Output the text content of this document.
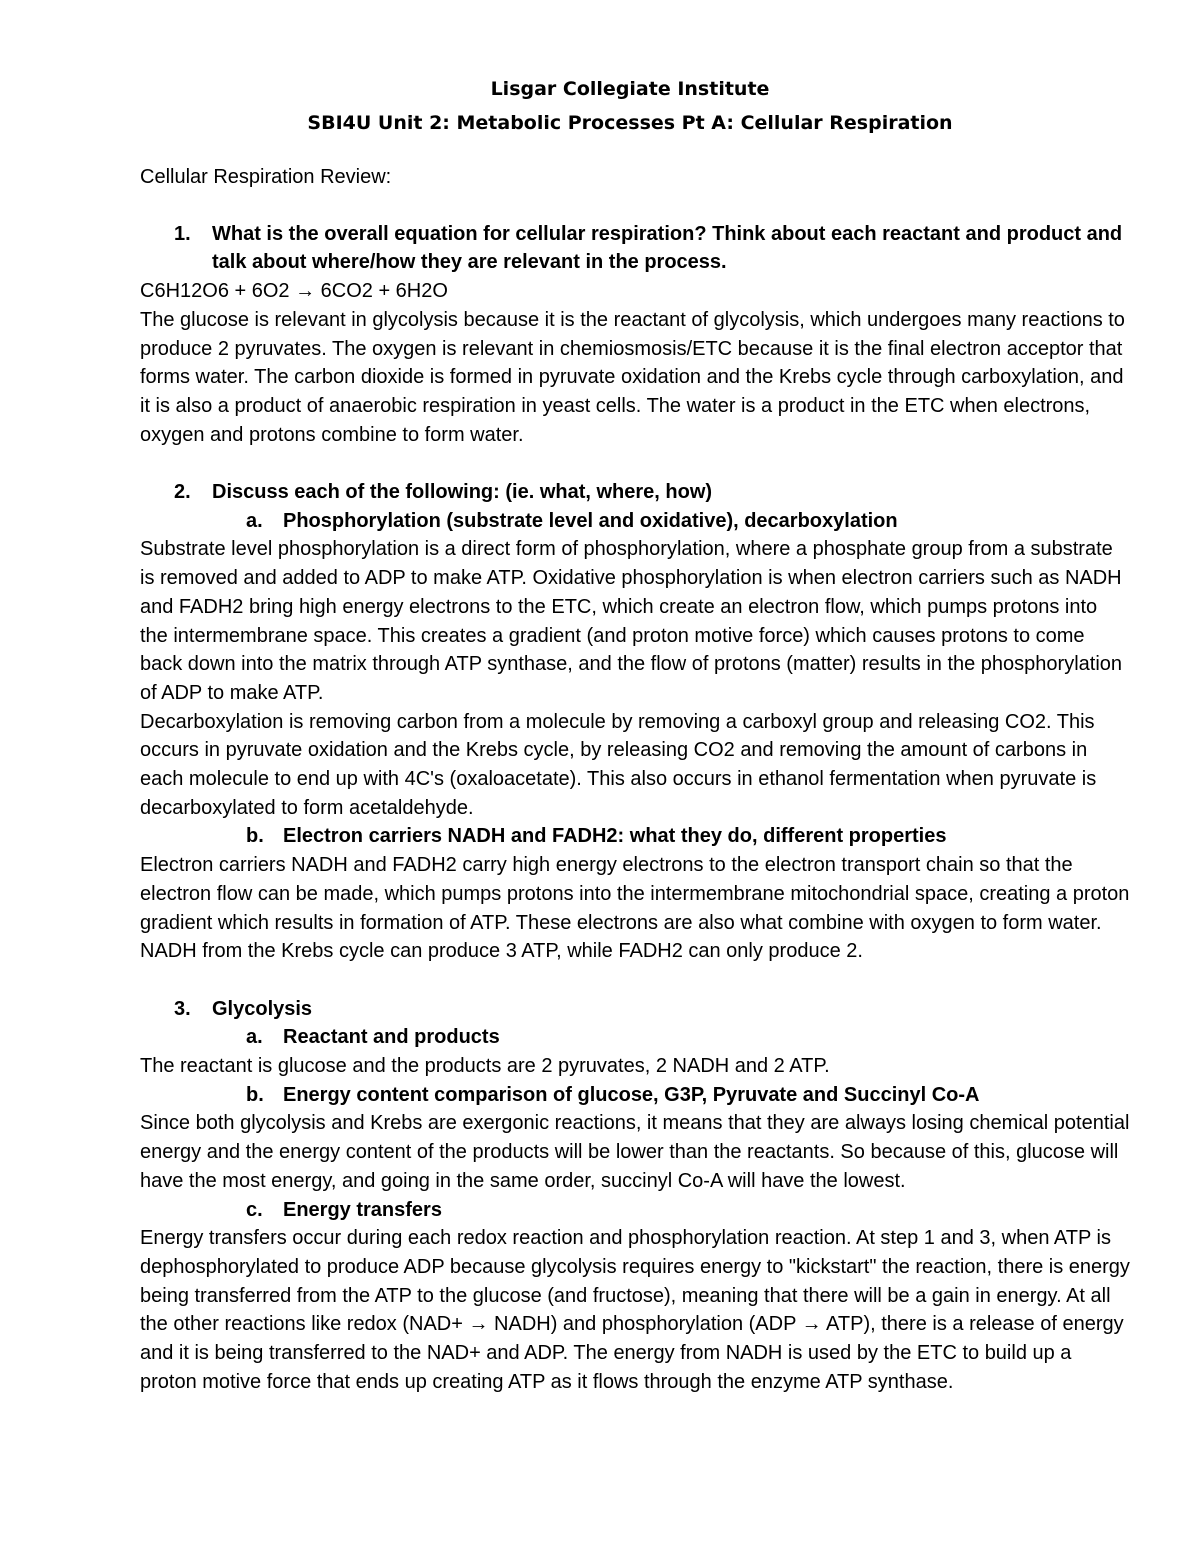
Lisgar Collegiate Institute
SBI4U Unit 2: Metabolic Processes Pt A: Cellular Respiration
Cellular Respiration Review:
1.	What is the overall equation for cellular respiration? Think about each reactant and product and talk about where/how they are relevant in the process.
C6H12O6 + 6O2 → 6CO2 + 6H2O
The glucose is relevant in glycolysis because it is the reactant of glycolysis, which undergoes many reactions to produce 2 pyruvates. The oxygen is relevant in chemiosmosis/ETC because it is the final electron acceptor that forms water. The carbon dioxide is formed in pyruvate oxidation and the Krebs cycle through carboxylation, and it is also a product of anaerobic respiration in yeast cells. The water is a product in the ETC when electrons, oxygen and protons combine to form water.
2.	Discuss each of the following: (ie. what, where, how)
a.	Phosphorylation (substrate level and oxidative), decarboxylation
Substrate level phosphorylation is a direct form of phosphorylation, where a phosphate group from a substrate is removed and added to ADP to make ATP. Oxidative phosphorylation is when electron carriers such as NADH and FADH2 bring high energy electrons to the ETC, which create an electron flow, which pumps protons into the intermembrane space. This creates a gradient (and proton motive force) which causes protons to come back down into the matrix through ATP synthase, and the flow of protons (matter) results in the phosphorylation of ADP to make ATP.
Decarboxylation is removing carbon from a molecule by removing a carboxyl group and releasing CO2. This occurs in pyruvate oxidation and the Krebs cycle, by releasing CO2 and removing the amount of carbons in each molecule to end up with 4C's (oxaloacetate). This also occurs in ethanol fermentation when pyruvate is decarboxylated to form acetaldehyde.
b. Electron carriers NADH and FADH2: what they do, different properties
Electron carriers NADH and FADH2 carry high energy electrons to the electron transport chain so that the electron flow can be made, which pumps protons into the intermembrane mitochondrial space, creating a proton gradient which results in formation of ATP. These electrons are also what combine with oxygen to form water. NADH from the Krebs cycle can produce 3 ATP, while FADH2 can only produce 2.
3.	Glycolysis
a.	Reactant and products
The reactant is glucose and the products are 2 pyruvates, 2 NADH and 2 ATP.
b. Energy content comparison of glucose, G3P, Pyruvate and Succinyl Co-A
Since both glycolysis and Krebs are exergonic reactions, it means that they are always losing chemical potential energy and the energy content of the products will be lower than the reactants. So because of this, glucose will have the most energy, and going in the same order, succinyl Co-A will have the lowest.
c.	Energy transfers
Energy transfers occur during each redox reaction and phosphorylation reaction. At step 1 and 3, when ATP is dephosphorylated to produce ADP because glycolysis requires energy to "kickstart" the reaction, there is energy being transferred from the ATP to the glucose (and fructose), meaning that there will be a gain in energy. At all the other reactions like redox (NAD+ → NADH) and phosphorylation (ADP → ATP), there is a release of energy and it is being transferred to the NAD+ and ADP. The energy from NADH is used by the ETC to build up a proton motive force that ends up creating ATP as it flows through the enzyme ATP synthase.
